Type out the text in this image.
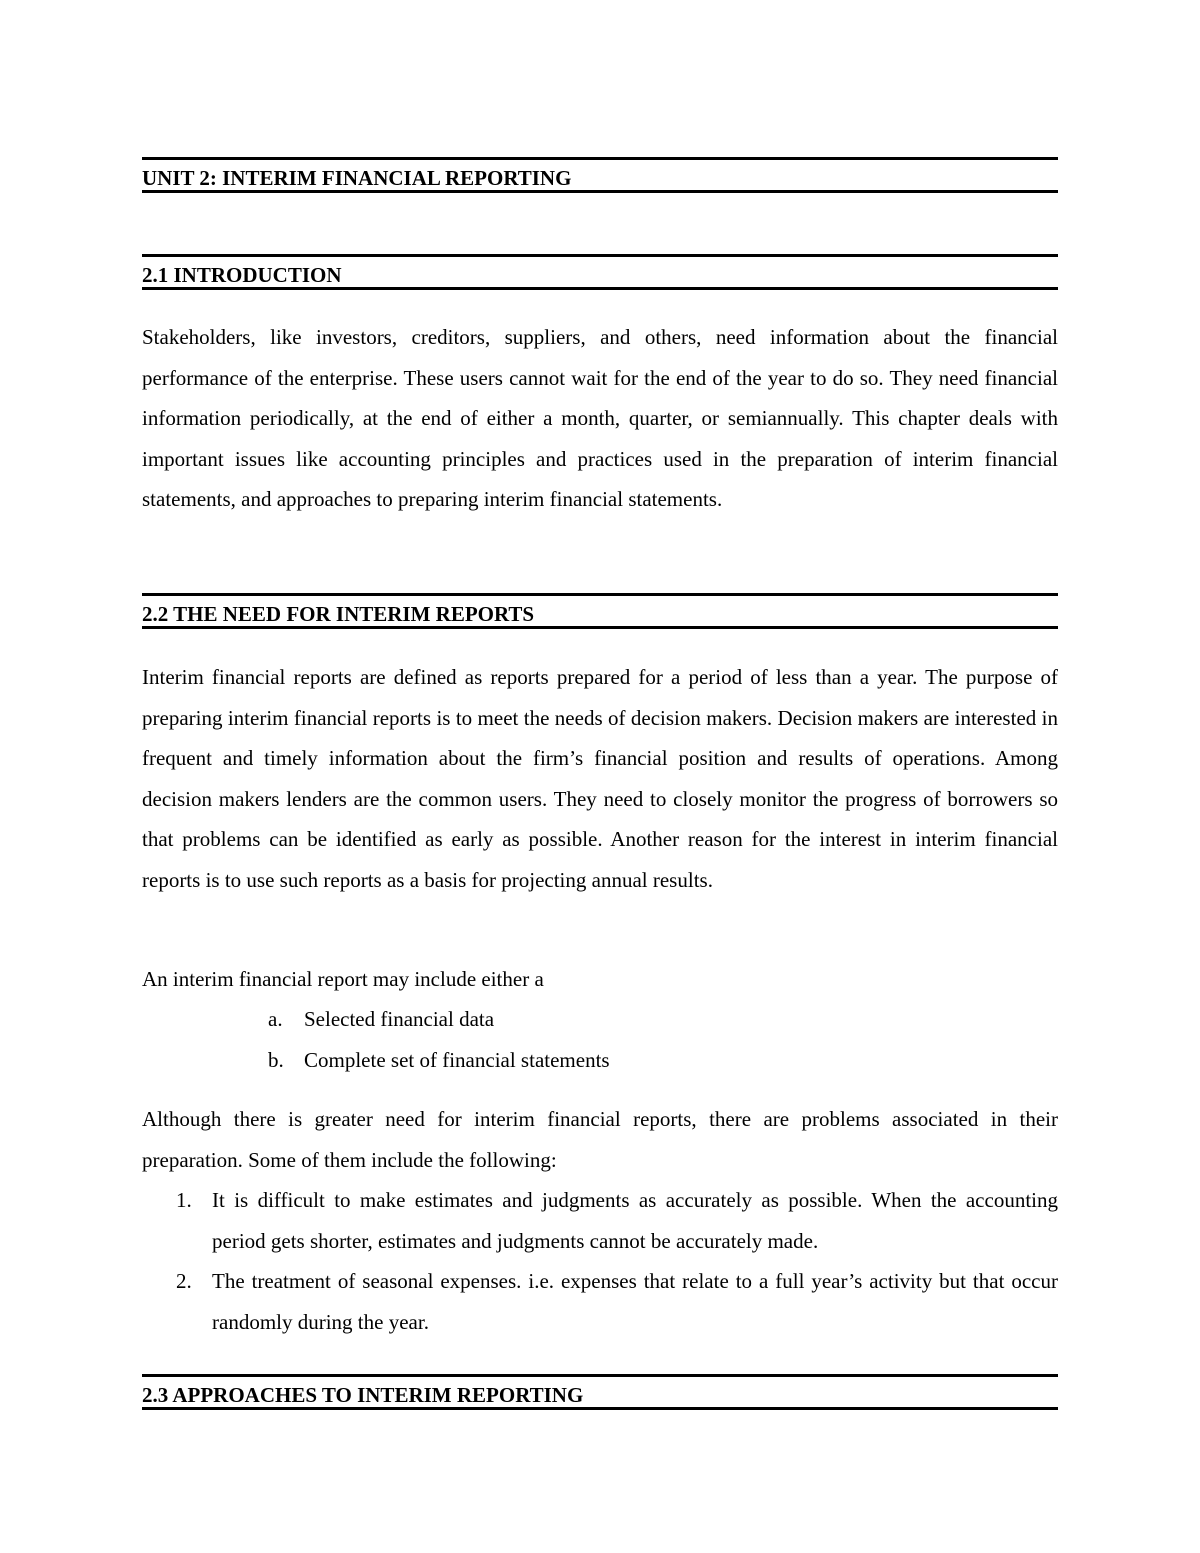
UNIT 2: INTERIM FINANCIAL REPORTING
2.1 INTRODUCTION

Stakeholders, like investors, creditors, suppliers, and others, need information about the financial performance of the enterprise. These users cannot wait for the end of the year to do so. They need financial information periodically, at the end of either a month, quarter, or semiannually. This chapter deals with important issues like accounting principles and practices used in the preparation of interim financial statements, and approaches to preparing interim financial statements.

2.2 THE NEED FOR INTERIM REPORTS

Interim financial reports are defined as reports prepared for a period of less than a year. The purpose of preparing interim financial reports is to meet the needs of decision makers. Decision makers are interested in frequent and timely information about the firm’s financial position and results of operations. Among decision makers lenders are the common users. They need to closely monitor the progress of borrowers so that problems can be identified as early as possible. Another reason for the interest in interim financial reports is to use such reports as a basis for projecting annual results.

An interim financial report may include either a

a. Selected financial data
b. Complete set of financial statements

Although there is greater need for interim financial reports, there are problems associated in their preparation. Some of them include the following:

1. It is difficult to make estimates and judgments as accurately as possible. When the accounting period gets shorter, estimates and judgments cannot be accurately made.
2. The treatment of seasonal expenses. i.e. expenses that relate to a full year’s activity but that occur randomly during the year.
2.3 APPROACHES TO INTERIM REPORTING
